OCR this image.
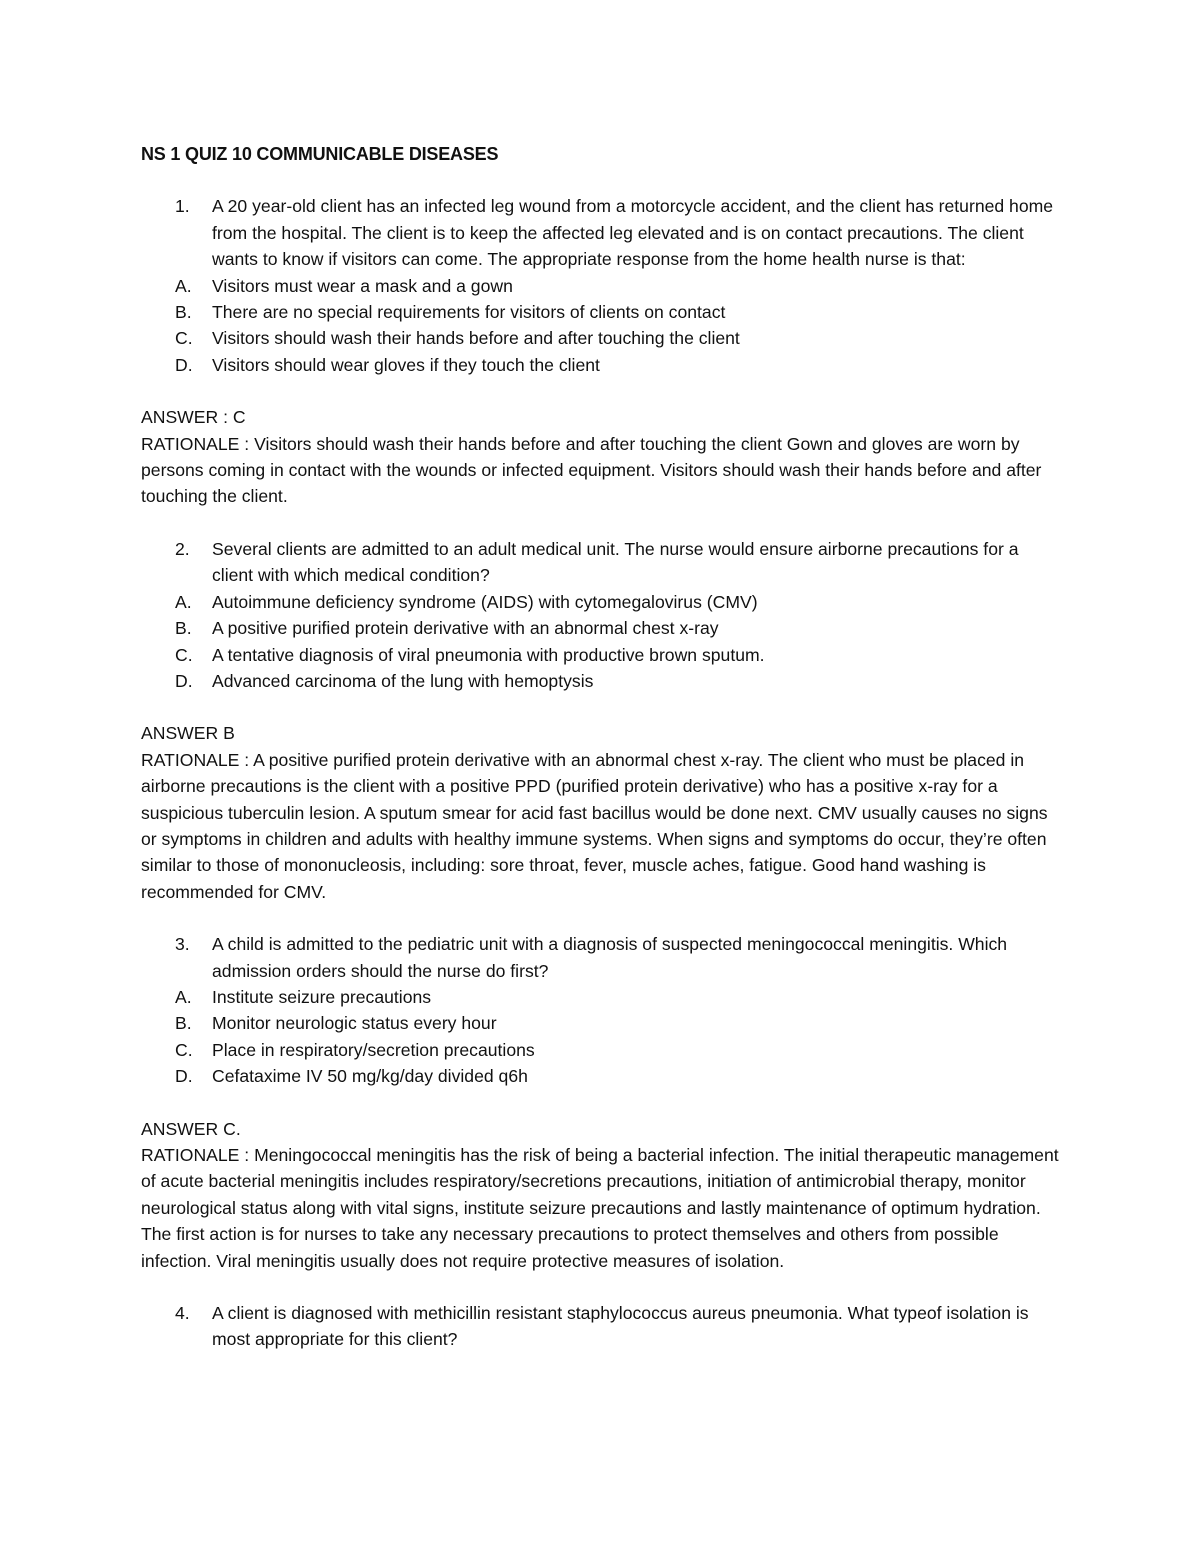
NS 1 QUIZ 10 COMMUNICABLE DISEASES
1. A 20 year-old client has an infected leg wound from a motorcycle accident, and the client has returned home from the hospital. The client is to keep the affected leg elevated and is on contact precautions. The client wants to know if visitors can come. The appropriate response from the home health nurse is that:
A. Visitors must wear a mask and a gown
B. There are no special requirements for visitors of clients on contact
C. Visitors should wash their hands before and after touching the client
D. Visitors should wear gloves if they touch the client
ANSWER : C

RATIONALE : Visitors should wash their hands before and after touching the client Gown and gloves are worn by persons coming in contact with the wounds or infected equipment. Visitors should wash their hands before and after touching the client.

2. Several clients are admitted to an adult medical unit. The nurse would ensure airborne precautions for a client with which medical condition?
A. Autoimmune deficiency syndrome (AIDS) with cytomegalovirus (CMV)
B. A positive purified protein derivative with an abnormal chest x-ray
C. A tentative diagnosis of viral pneumonia with productive brown sputum.
D. Advanced carcinoma of the lung with hemoptysis
ANSWER B

RATIONALE : A positive purified protein derivative with an abnormal chest x-ray. The client who must be placed in airborne precautions is the client with a positive PPD (purified protein derivative) who has a positive x-ray for a suspicious tuberculin lesion. A sputum smear for acid fast bacillus would be done next. CMV usually causes no signs or symptoms in children and adults with healthy immune systems. When signs and symptoms do occur, they’re often similar to those of mononucleosis, including: sore throat, fever, muscle aches, fatigue. Good hand washing is recommended for CMV.

3. A child is admitted to the pediatric unit with a diagnosis of suspected meningococcal meningitis. Which admission orders should the nurse do first?
A. Institute seizure precautions
B. Monitor neurologic status every hour
C. Place in respiratory/secretion precautions
D. Cefataxime IV 50 mg/kg/day divided q6h
ANSWER C.

RATIONALE : Meningococcal meningitis has the risk of being a bacterial infection. The initial therapeutic management of acute bacterial meningitis includes respiratory/secretions precautions, initiation of antimicrobial therapy, monitor neurological status along with vital signs, institute seizure precautions and lastly maintenance of optimum hydration. The first action is for nurses to take any necessary precautions to protect themselves and others from possible infection. Viral meningitis usually does not require protective measures of isolation.

4. A client is diagnosed with methicillin resistant staphylococcus aureus pneumonia. What typeof isolation is most appropriate for this client?
